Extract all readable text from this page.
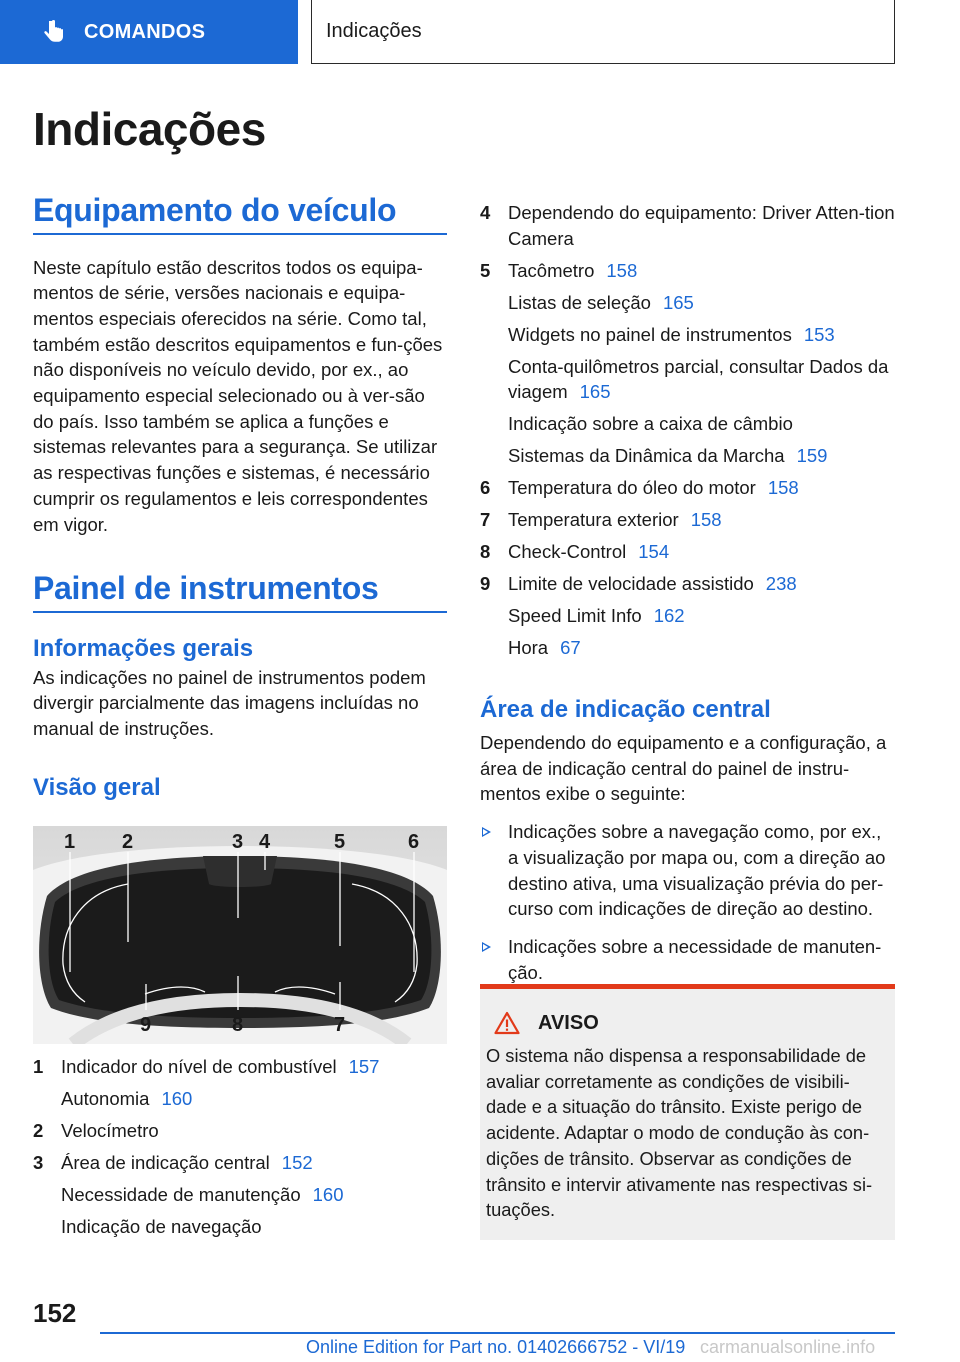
COMANDOS	Indicações
Indicações
Equipamento do veículo
Neste capítulo estão descritos todos os equipa-mentos de série, versões nacionais e equipa-mentos especiais oferecidos na série. Como tal, também estão descritos equipamentos e fun-ções não disponíveis no veículo devido, por ex., ao equipamento especial selecionado ou à ver-são do país. Isso também se aplica a funções e sistemas relevantes para a segurança. Se utilizar as respectivas funções e sistemas, é necessário cumprir os regulamentos e leis correspondentes em vigor.
Painel de instrumentos
Informações gerais
As indicações no painel de instrumentos podem divergir parcialmente das imagens incluídas no manual de instruções.
Visão geral
1 2	3 4	5	6
7
8
9
1 Indicador do nível de combustível 157
Autonomia 160
2 Velocímetro
3 Área de indicação central 152
Necessidade de manutenção 160
Indicação de navegação
4 Dependendo do equipamento: Driver Atten-tion Camera
5 Tacômetro 158
Listas de seleção 165
Widgets no painel de instrumentos 153
Conta-quilômetros parcial, consultar Dados da viagem 165
Indicação sobre a caixa de câmbio
Sistemas da Dinâmica da Marcha 159
6 Temperatura do óleo do motor 158
7 Temperatura exterior 158
8 Check-Control 154
9 Limite de velocidade assistido 238
Speed Limit Info 162
Hora 67
Área de indicação central
Dependendo do equipamento e a configuração, a área de indicação central do painel de instru-mentos exibe o seguinte:
Indicações sobre a navegação como, por ex., a visualização por mapa ou, com a direção ao destino ativa, uma visualização prévia do per-curso com indicações de direção ao destino.
Indicações sobre a necessidade de manuten-ção.
AVISO
O sistema não dispensa a responsabilidade de avaliar corretamente as condições de visibili-dade e a situação do trânsito. Existe perigo de acidente. Adaptar o modo de condução às con-dições de trânsito. Observar as condições de trânsito e intervir ativamente nas respectivas si-tuações.
152
Online Edition for Part no. 01402666752 - VI/19 carmanualsonline.info
